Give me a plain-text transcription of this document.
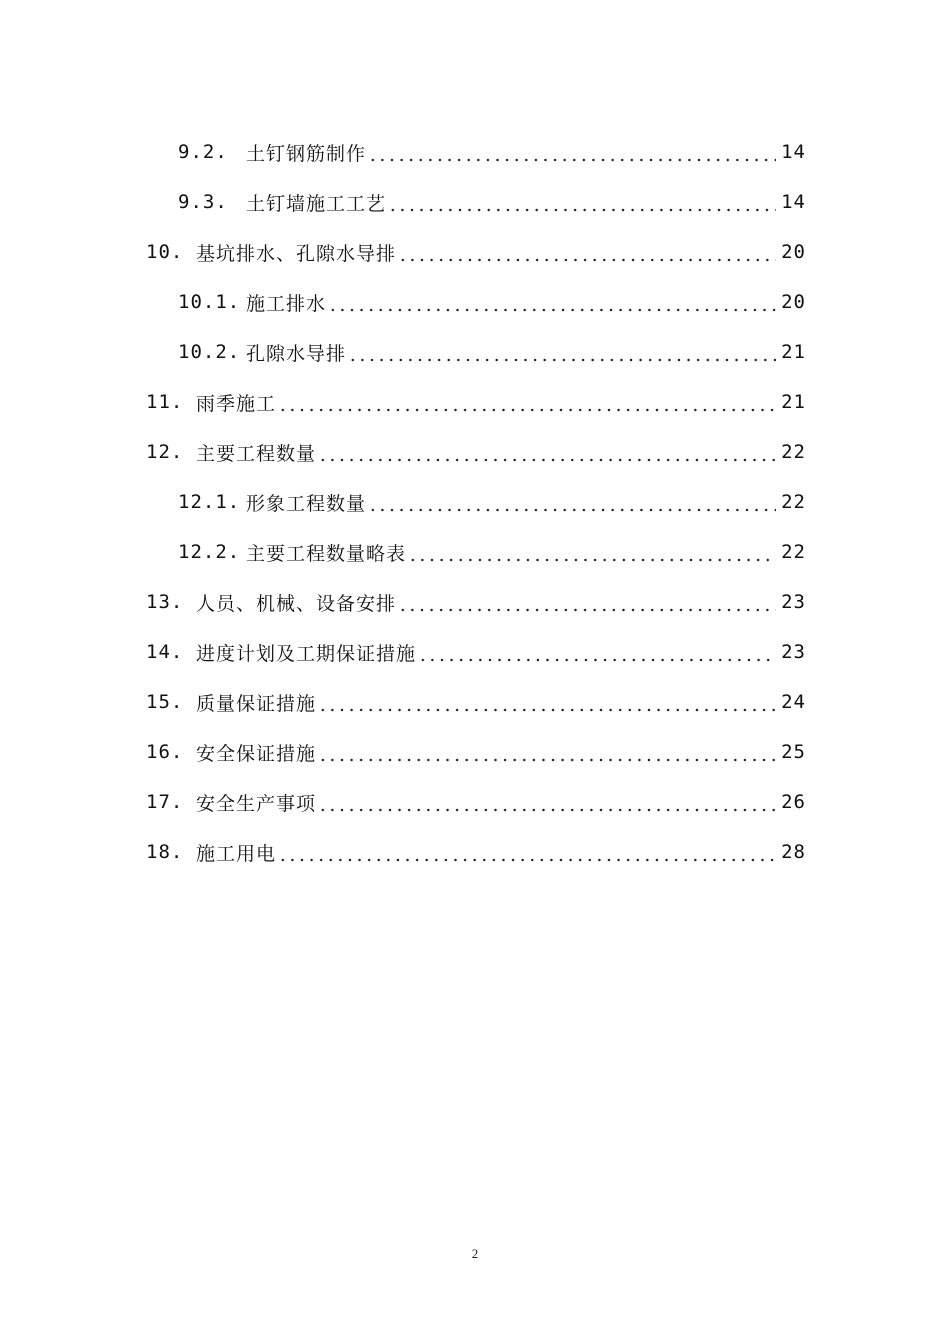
9.2. 土钉钢筋制作	14
9.3. 土钉墙施工工艺	14
10. 基坑排水、孔隙水导排	20
10.1. 施工排水	20
10.2. 孔隙水导排	21
11. 雨季施工	21
12. 主要工程数量	22
12.1. 形象工程数量	22
12.2. 主要工程数量略表	22
13. 人员、机械、设备安排	23
14. 进度计划及工期保证措施	23
15. 质量保证措施	24
16. 安全保证措施	25
17. 安全生产事项	26
18. 施工用电	28
2
